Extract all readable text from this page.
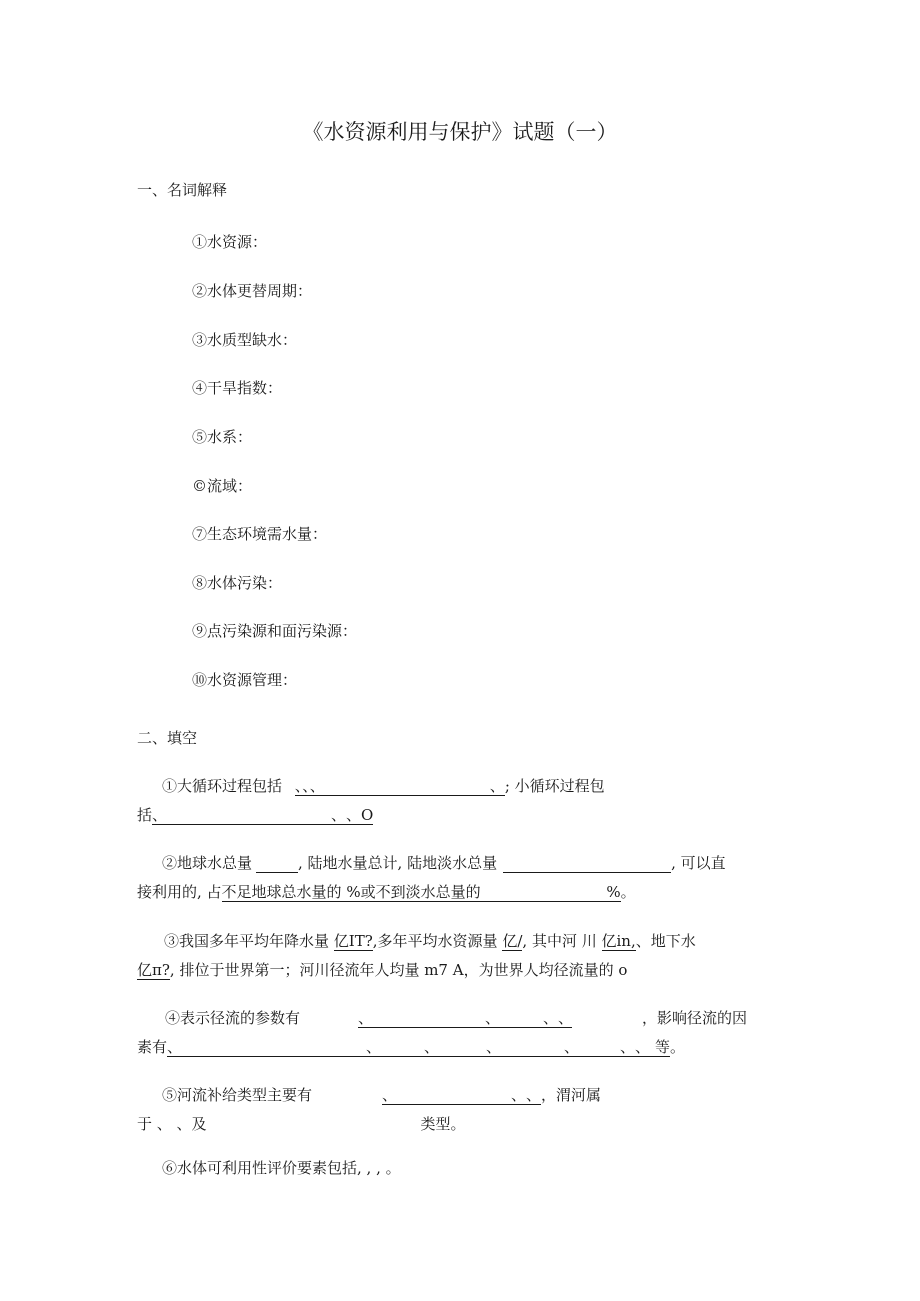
《水资源利用与保护》试题（一）
一、名词解释
①水资源：
②水体更替周期：
③水质型缺水：
④干旱指数：
⑤水系：
©流域：
⑦生态环境需水量：
⑧水体污染：
⑨点污染源和面污染源：
⑩水资源管理：
二、填空
①大循环过程包括 、、、	、; 小循环过程包
括、	、、O
②地球水总量	, 陆地水量总计, 陆地淡水总量	, 可以直
接利用的, 占不足地球总水量的 %或不到淡水总量的	%。
③我国多年平均年降水量 亿IT?,多年平均水资源量 亿/, 其中河 川 亿in,、地下水
亿π?, 排位于世界第一；河川径流年人均量 m7 A，为世界人均径流量的 o
④表示径流的参数有	、	、	、、	，影响径流的因
素有、	、	、	、	、	、、 等。
⑤河流补给类型主要有	、	、、，渭河属
于 、 、及	类型。
⑥水体可利用性评价要素包括, , , 。
